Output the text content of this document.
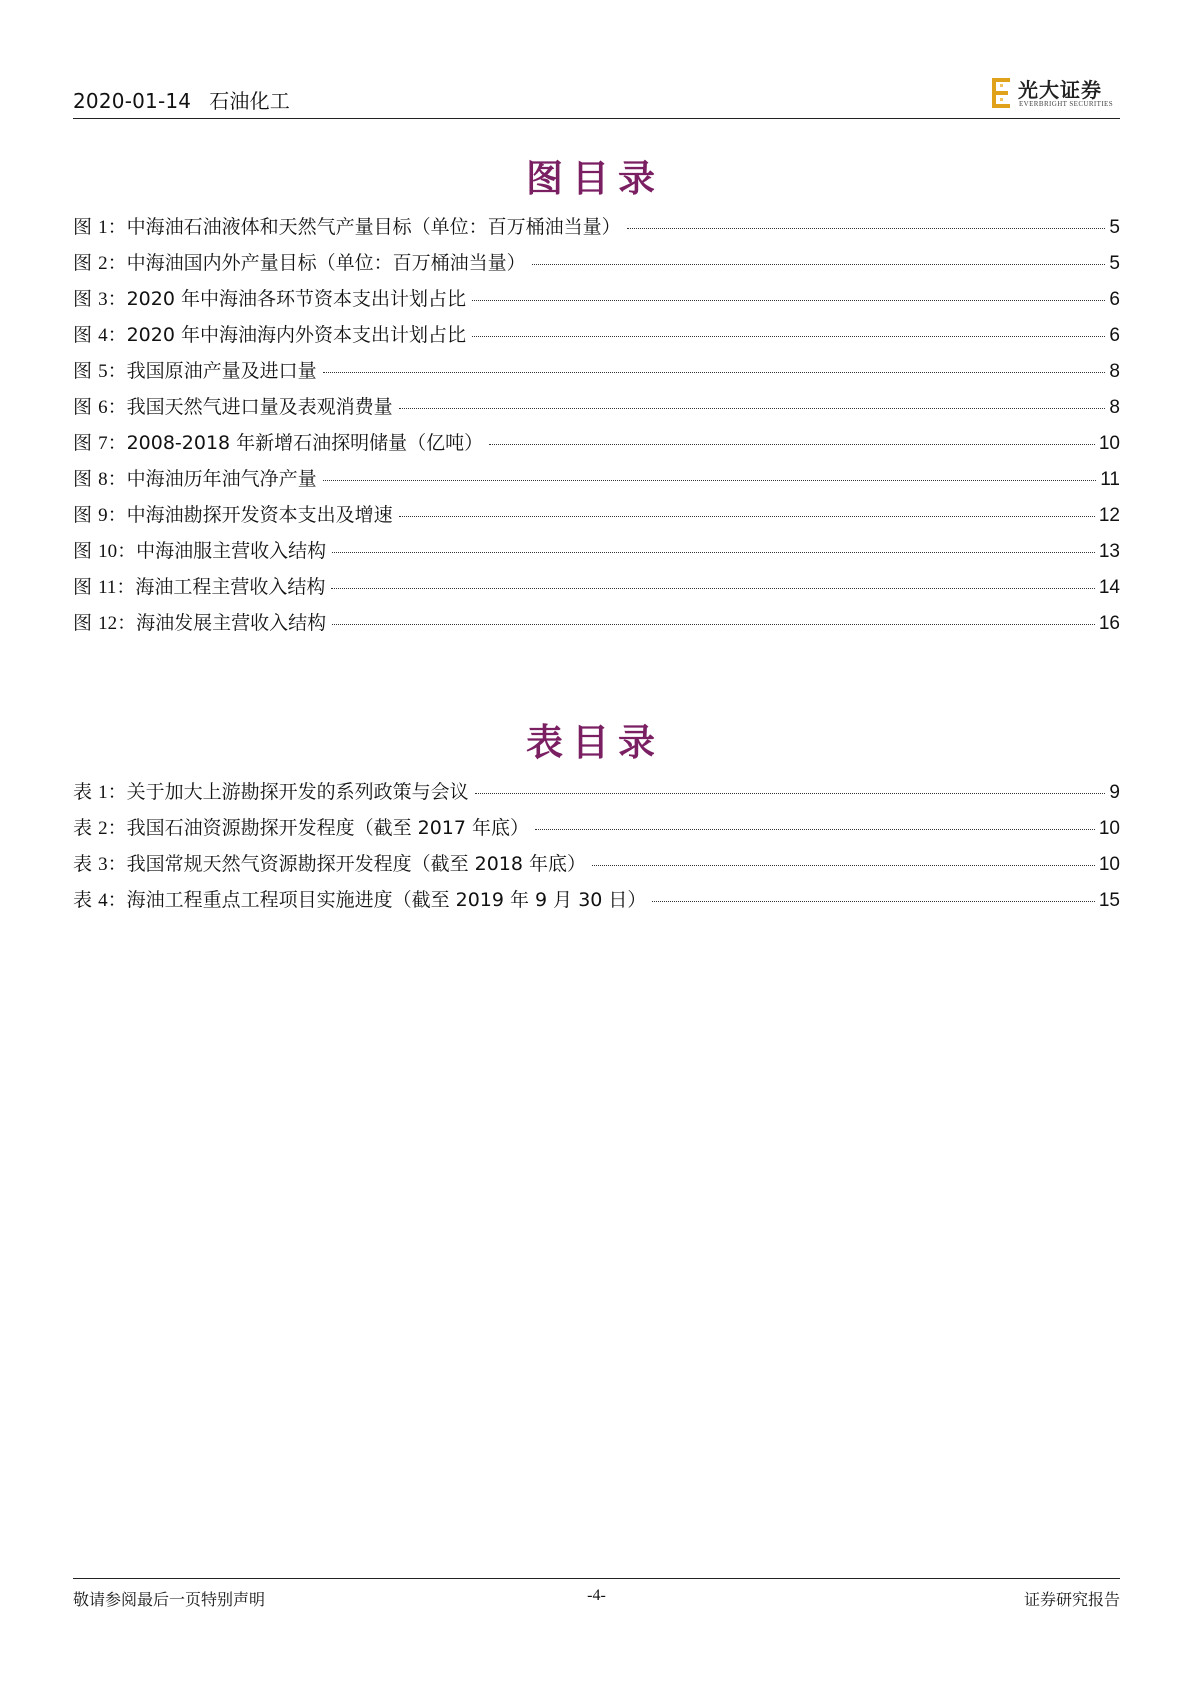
2020-01-14 石油化工	光大证券
EVERBRIGHT SECURITIES
图目录
图 1：中海油石油液体和天然气产量目标（单位：百万桶油当量）	5
图 2：中海油国内外产量目标（单位：百万桶油当量）	5
图 3：2020 年中海油各环节资本支出计划占比	6
图 4：2020 年中海油海内外资本支出计划占比	6
图 5：我国原油产量及进口量	8
图 6：我国天然气进口量及表观消费量	8
图 7：2008-2018 年新增石油探明储量（亿吨）	10
图 8：中海油历年油气净产量	11
图 9：中海油勘探开发资本支出及增速	12
图 10：中海油服主营收入结构	13
图 11：海油工程主营收入结构	14
图 12：海油发展主营收入结构	16
表目录
表 1：关于加大上游勘探开发的系列政策与会议	9
表 2：我国石油资源勘探开发程度（截至 2017 年底）	10
表 3：我国常规天然气资源勘探开发程度（截至 2018 年底）	10
表 4：海油工程重点工程项目实施进度（截至 2019 年 9 月 30 日）	15
敬请参阅最后一页特别声明	-4-	证券研究报告
